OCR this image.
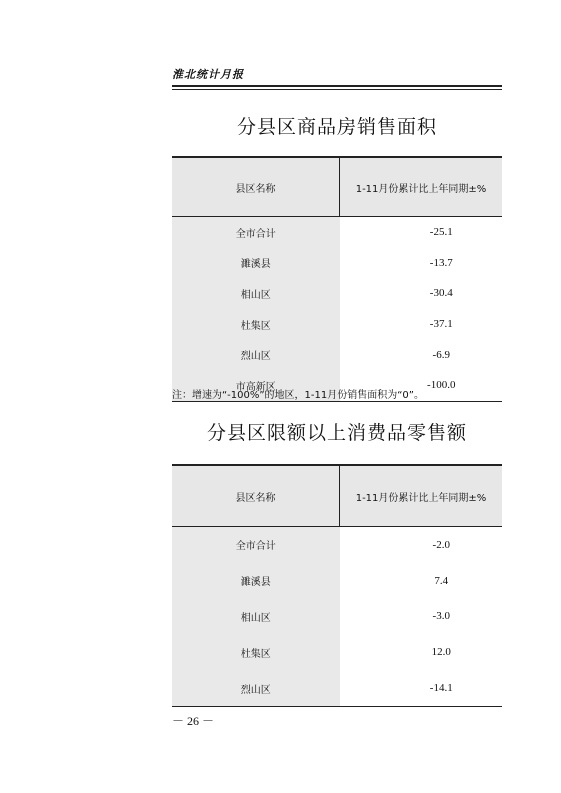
淮北统计月报
分县区商品房销售面积
县区名称	1-11月份累计比上年同期±%
全市合计	-25.1
濉溪县	-13.7
相山区	-30.4
杜集区	-37.1
烈山区	-6.9
市高新区	-100.0
注：增速为“-100%”的地区，1-11月份销售面积为“0”。
分县区限额以上消费品零售额
县区名称	1-11月份累计比上年同期±%
全市合计	-2.0
濉溪县	7.4
相山区	-3.0
杜集区	12.0
烈山区	-14.1
－ 26 －
